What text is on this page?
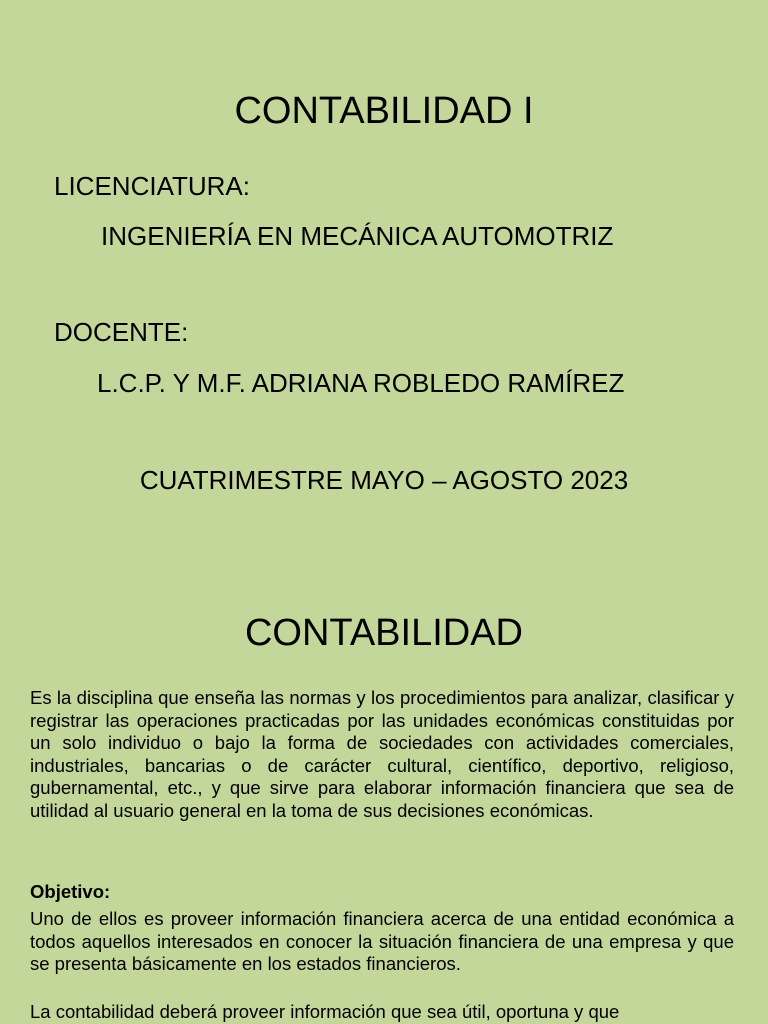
CONTABILIDAD I
LICENCIATURA:
INGENIERÍA EN MECÁNICA AUTOMOTRIZ
DOCENTE:
L.C.P. Y M.F. ADRIANA ROBLEDO RAMÍREZ
CUATRIMESTRE MAYO – AGOSTO 2023
CONTABILIDAD
Es la disciplina que enseña las normas y los procedimientos para analizar, clasificar y registrar las operaciones practicadas por las unidades económicas constituidas por un solo individuo o bajo la forma de sociedades con actividades comerciales, industriales, bancarias o de carácter cultural, científico, deportivo, religioso, gubernamental, etc., y que sirve para elaborar información financiera que sea de utilidad al usuario general en la toma de sus decisiones económicas.
Objetivo:
Uno de ellos es proveer información financiera acerca de una entidad económica a todos aquellos interesados en conocer la situación financiera de una empresa y que se presenta básicamente en los estados financieros.
La contabilidad deberá proveer información que sea útil, oportuna y que
